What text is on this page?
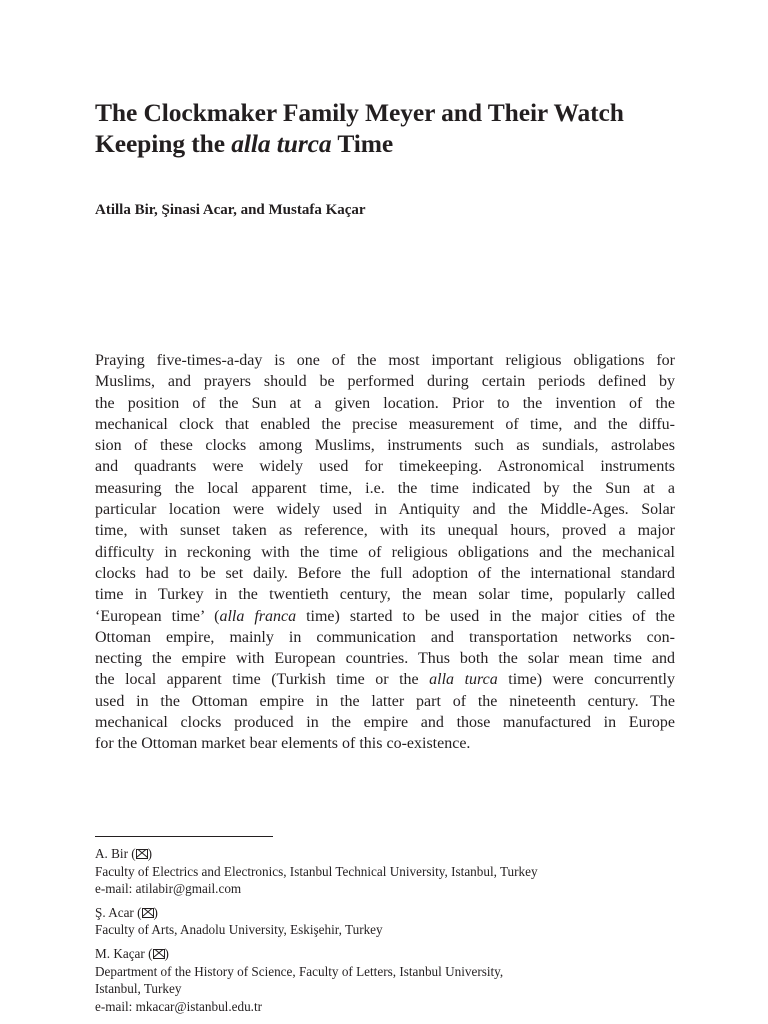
The Clockmaker Family Meyer and Their Watch
Keeping the alla turca Time
Atilla Bir, Şinasi Acar, and Mustafa Kaçar
Praying five-times-a-day is one of the most important religious obligations for
Muslims, and prayers should be performed during certain periods defined by
the position of the Sun at a given location. Prior to the invention of the
mechanical clock that enabled the precise measurement of time, and the diffu-
sion of these clocks among Muslims, instruments such as sundials, astrolabes
and quadrants were widely used for timekeeping. Astronomical instruments
measuring the local apparent time, i.e. the time indicated by the Sun at a
particular location were widely used in Antiquity and the Middle-Ages. Solar
time, with sunset taken as reference, with its unequal hours, proved a major
difficulty in reckoning with the time of religious obligations and the mechanical
clocks had to be set daily. Before the full adoption of the international standard
time in Turkey in the twentieth century, the mean solar time, popularly called
‘European time’ (alla franca time) started to be used in the major cities of the
Ottoman empire, mainly in communication and transportation networks con-
necting the empire with European countries. Thus both the solar mean time and
the local apparent time (Turkish time or the alla turca time) were concurrently
used in the Ottoman empire in the latter part of the nineteenth century. The
mechanical clocks produced in the empire and those manufactured in Europe
for the Ottoman market bear elements of this co-existence.
A. Bir ( )
Faculty of Electrics and Electronics, Istanbul Technical University, Istanbul, Turkey
e-mail: atilabir@gmail.com
Ş. Acar ( )
Faculty of Arts, Anadolu University, Eskişehir, Turkey
M. Kaçar ( )
Department of the History of Science, Faculty of Letters, Istanbul University,
Istanbul, Turkey
e-mail: mkacar@istanbul.edu.tr
